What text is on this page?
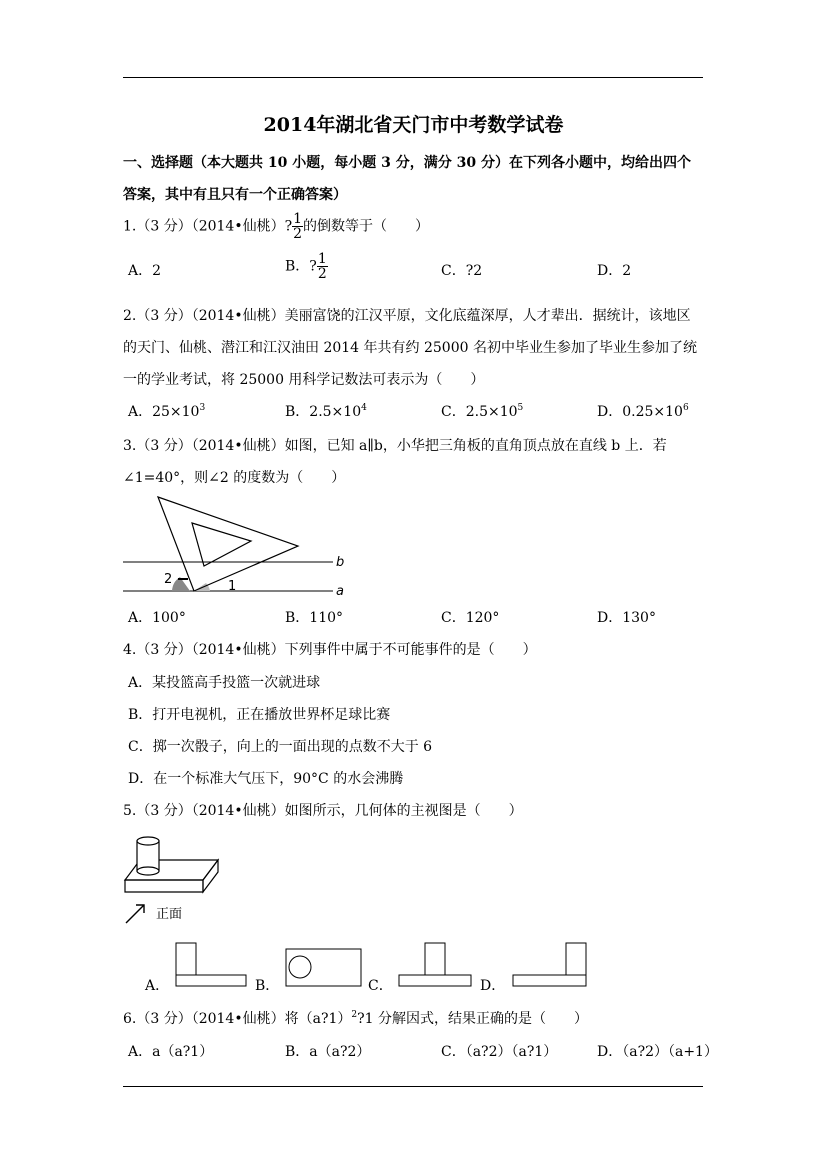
2014年湖北省天门市中考数学试卷
一、选择题（本大题共 10 小题，每小题 3 分，满分 30 分）在下列各小题中，均给出四个
答案，其中有且只有一个正确答案）
1.（3 分）（2014•仙桃）? $\frac{1}{2}$ 的倒数等于（　　）
A．2	B．? $\frac{1}{2}$	C．?2	D．2
2.（3 分）（2014•仙桃）美丽富饶的江汉平原，文化底蕴深厚，人才辈出．据统计，该地区
的天门、仙桃、潜江和江汉油田 2014 年共有约 25000 名初中毕业生参加了毕业生参加了统
一的学业考试，将 25000 用科学记数法可表示为（　　）
A．$25\times 10^3$	B．$2.5\times 10^4$	C．$2.5\times 10^5$	D．$0.25\times 10^6$
3.（3 分）（2014•仙桃）如图，已知 a∥b，小华把三角板的直角顶点放在直线 b 上．若
∠1=40°，则∠2 的度数为（　　）
b
a
2	1
A．100°	B．110°	C．120°	D．130°
4.（3 分）（2014•仙桃）下列事件中属于不可能事件的是（　　）
A．某投篮高手投篮一次就进球
B．打开电视机，正在播放世界杯足球比赛
C．掷一次骰子，向上的一面出现的点数不大于 6
D．在一个标准大气压下，90°C 的水会沸腾
5.（3 分）（2014•仙桃）如图所示，几何体的主视图是（　　）
正面
A．	B．	C．	D．
6.（3 分）（2014•仙桃）将（a?1）$^2$?1 分解因式，结果正确的是（　　）
A．a（a?1）	B．a（a?2）	C．（a?2）（a?1）	D．（a?2）（a+1）
